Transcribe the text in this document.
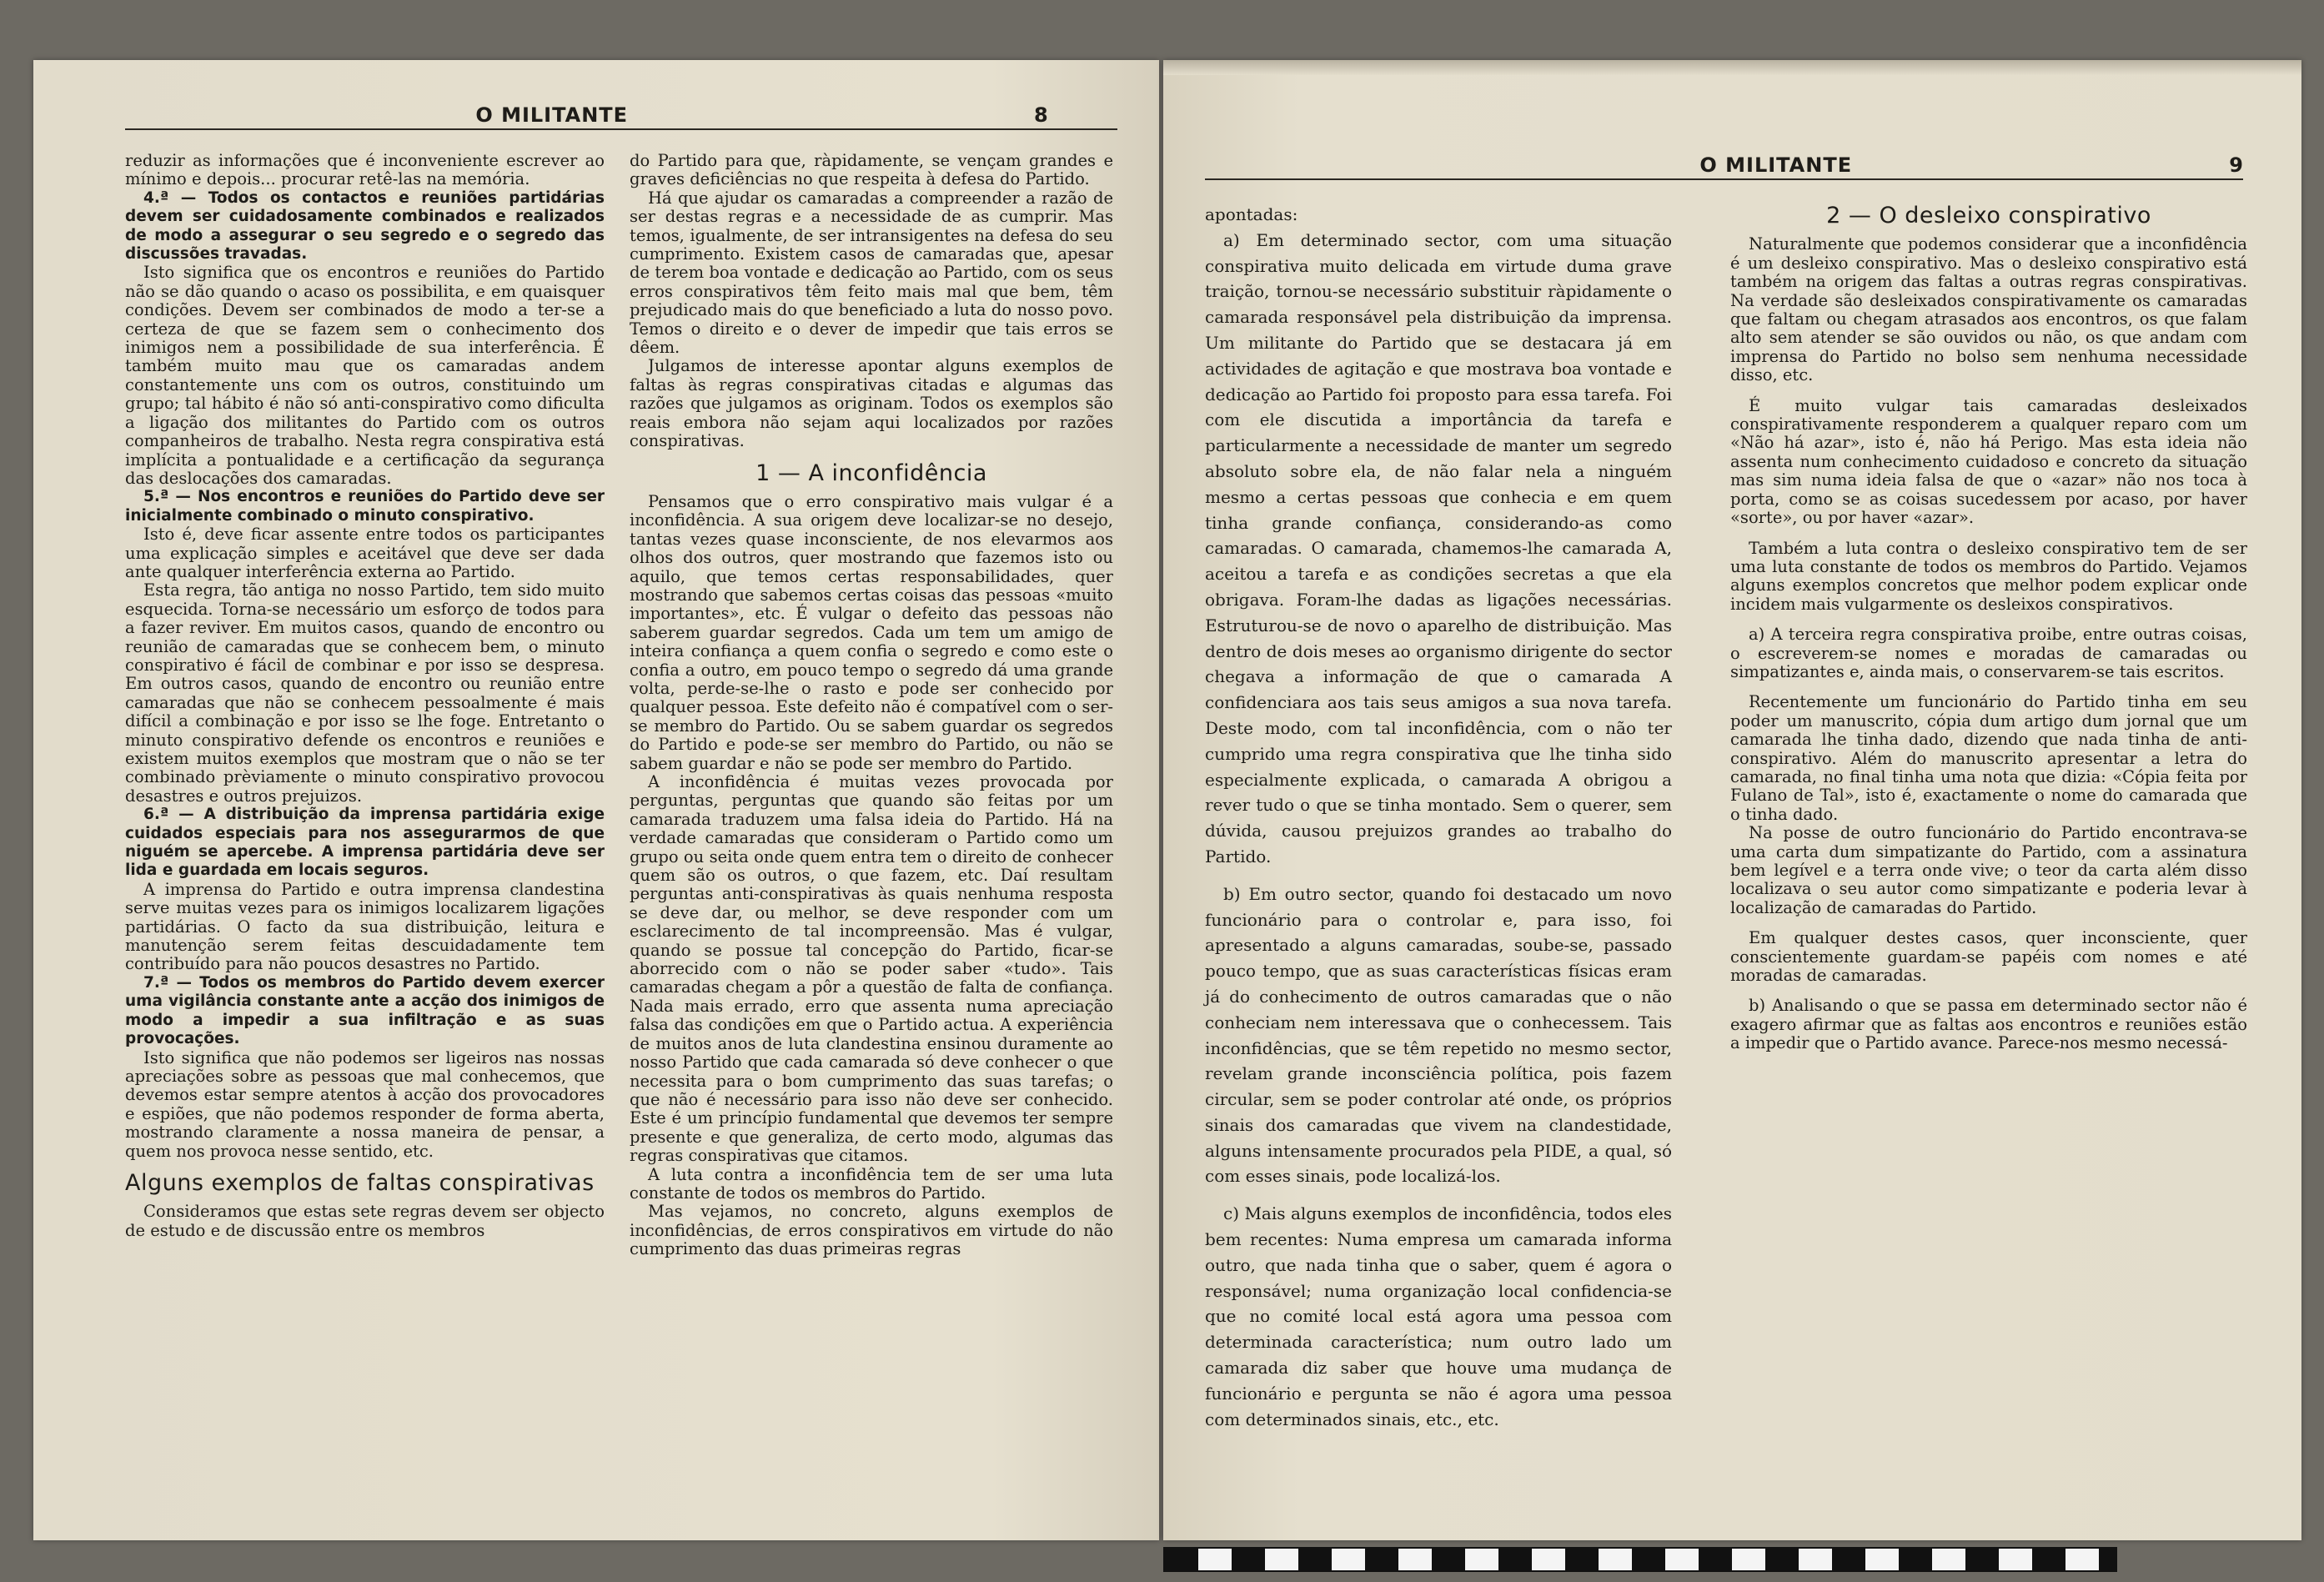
O MILITANTE	8

reduzir as informações que é inconveniente escrever ao mínimo e depois... procurar retê-las na memória.

4.ª — Todos os contactos e reuniões partidárias devem ser cuidadosamente combinados e realizados de modo a assegurar o seu segredo e o segredo das discussões travadas.

Isto significa que os encontros e reuniões do Partido não se dão quando o acaso os possibilita, e em quaisquer condições. Devem ser combinados de modo a ter-se a certeza de que se fazem sem o conhecimento dos inimigos nem a possibilidade de sua interferência. É também muito mau que os camaradas andem constantemente uns com os outros, constituindo um grupo; tal hábito é não só anti-conspirativo como dificulta a ligação dos militantes do Partido com os outros companheiros de trabalho. Nesta regra conspirativa está implícita a pontualidade e a certificação da segurança das deslocações dos camaradas.

5.ª — Nos encontros e reuniões do Partido deve ser inicialmente combinado o minuto conspirativo.

Isto é, deve ficar assente entre todos os participantes uma explicação simples e aceitável que deve ser dada ante qualquer interferência externa ao Partido.

Esta regra, tão antiga no nosso Partido, tem sido muito esquecida. Torna-se necessário um esforço de todos para a fazer reviver. Em muitos casos, quando de encontro ou reunião de camaradas que se conhecem bem, o minuto conspirativo é fácil de combinar e por isso se despresa. Em outros casos, quando de encontro ou reunião entre camaradas que não se conhecem pessoalmente é mais difícil a combinação e por isso se lhe foge. Entretanto o minuto conspirativo defende os encontros e reuniões e existem muitos exemplos que mostram que o não se ter combinado prèviamente o minuto conspirativo provocou desastres e outros prejuizos.

6.ª — A distribuição da imprensa partidária exige cuidados especiais para nos assegurarmos de que niguém se apercebe. A imprensa partidária deve ser lida e guardada em locais seguros.

A imprensa do Partido e outra imprensa clandestina serve muitas vezes para os inimigos localizarem ligações partidárias. O facto da sua distribuição, leitura e manutenção serem feitas descuidadamente tem contribuído para não poucos desastres no Partido.

7.ª — Todos os membros do Partido devem exercer uma vigilância constante ante a acção dos inimigos de modo a impedir a sua infiltração e as suas provocações.

Isto significa que não podemos ser ligeiros nas nossas apreciações sobre as pessoas que mal conhecemos, que devemos estar sempre atentos à acção dos provocadores e espiões, que não podemos responder de forma aberta, mostrando claramente a nossa maneira de pensar, a quem nos provoca nesse sentido, etc.

Alguns exemplos de faltas conspirativas

Consideramos que estas sete regras devem ser objecto de estudo e de discussão entre os membros

do Partido para que, ràpidamente, se vençam grandes e graves deficiências no que respeita à defesa do Partido.

Há que ajudar os camaradas a compreender a razão de ser destas regras e a necessidade de as cumprir. Mas temos, igualmente, de ser intransigentes na defesa do seu cumprimento. Existem casos de camaradas que, apesar de terem boa vontade e dedicação ao Partido, com os seus erros conspirativos têm feito mais mal que bem, têm prejudicado mais do que beneficiado a luta do nosso povo. Temos o direito e o dever de impedir que tais erros se dêem.

Julgamos de interesse apontar alguns exemplos de faltas às regras conspirativas citadas e algumas das razões que julgamos as originam. Todos os exemplos são reais embora não sejam aqui localizados por razões conspirativas.

1 — A inconfidência

Pensamos que o erro conspirativo mais vulgar é a inconfidência. A sua origem deve localizar-se no desejo, tantas vezes quase inconsciente, de nos elevarmos aos olhos dos outros, quer mostrando que fazemos isto ou aquilo, que temos certas responsabilidades, quer mostrando que sabemos certas coisas das pessoas «muito importantes», etc. É vulgar o defeito das pessoas não saberem guardar segredos. Cada um tem um amigo de inteira confiança a quem confia o segredo e como este o confia a outro, em pouco tempo o segredo dá uma grande volta, perde-se-lhe o rasto e pode ser conhecido por qualquer pessoa. Este defeito não é compatível com o ser-se membro do Partido. Ou se sabem guardar os segredos do Partido e pode-se ser membro do Partido, ou não se sabem guardar e não se pode ser membro do Partido.

A inconfidência é muitas vezes provocada por perguntas, perguntas que quando são feitas por um camarada traduzem uma falsa ideia do Partido. Há na verdade camaradas que consideram o Partido como um grupo ou seita onde quem entra tem o direito de conhecer quem são os outros, o que fazem, etc. Daí resultam perguntas anti-conspirativas às quais nenhuma resposta se deve dar, ou melhor, se deve responder com um esclarecimento de tal incompreensão. Mas é vulgar, quando se possue tal concepção do Partido, ficar-se aborrecido com o não se poder saber «tudo». Tais camaradas chegam a pôr a questão de falta de confiança. Nada mais errado, erro que assenta numa apreciação falsa das condições em que o Partido actua. A experiência de muitos anos de luta clandestina ensinou duramente ao nosso Partido que cada camarada só deve conhecer o que necessita para o bom cumprimento das suas tarefas; o que não é necessário para isso não deve ser conhecido. Este é um princípio fundamental que devemos ter sempre presente e que generaliza, de certo modo, algumas das regras conspirativas que citamos.

A luta contra a inconfidência tem de ser uma luta constante de todos os membros do Partido.

Mas vejamos, no concreto, alguns exemplos de inconfidências, de erros conspirativos em virtude do não cumprimento das duas primeiras regras

O MILITANTE	9

apontadas:

a) Em determinado sector, com uma situação conspirativa muito delicada em virtude duma grave traição, tornou-se necessário substituir ràpidamente o camarada responsável pela distribuição da imprensa. Um militante do Partido que se destacara já em actividades de agitação e que mostrava boa vontade e dedicação ao Partido foi proposto para essa tarefa. Foi com ele discutida a importância da tarefa e particularmente a necessidade de manter um segredo absoluto sobre ela, de não falar nela a ninguém mesmo a certas pessoas que conhecia e em quem tinha grande confiança, considerando-as como camaradas. O camarada, chamemos-lhe camarada A, aceitou a tarefa e as condições secretas a que ela obrigava. Foram-lhe dadas as ligações necessárias. Estruturou-se de novo o aparelho de distribuição. Mas dentro de dois meses ao organismo dirigente do sector chegava a informação de que o camarada A confidenciara aos tais seus amigos a sua nova tarefa. Deste modo, com tal inconfidência, com o não ter cumprido uma regra conspirativa que lhe tinha sido especialmente explicada, o camarada A obrigou a rever tudo o que se tinha montado. Sem o querer, sem dúvida, causou prejuizos grandes ao trabalho do Partido.

b) Em outro sector, quando foi destacado um novo funcionário para o controlar e, para isso, foi apresentado a alguns camaradas, soube-se, passado pouco tempo, que as suas características físicas eram já do conhecimento de outros camaradas que o não conheciam nem interessava que o conhecessem. Tais inconfidências, que se têm repetido no mesmo sector, revelam grande inconsciência política, pois fazem circular, sem se poder controlar até onde, os próprios sinais dos camaradas que vivem na clandestidade, alguns intensamente procurados pela PIDE, a qual, só com esses sinais, pode localizá-los.

c) Mais alguns exemplos de inconfidência, todos eles bem recentes: Numa empresa um camarada informa outro, que nada tinha que o saber, quem é agora o responsável; numa organização local confidencia-se que no comité local está agora uma pessoa com determinada característica; num outro lado um camarada diz saber que houve uma mudança de funcionário e pergunta se não é agora uma pessoa com determinados sinais, etc., etc.

2 — O desleixo conspirativo

Naturalmente que podemos considerar que a inconfidência é um desleixo conspirativo. Mas o desleixo conspirativo está também na origem das faltas a outras regras conspirativas. Na verdade são desleixados conspirativamente os camaradas que faltam ou chegam atrasados aos encontros, os que falam alto sem atender se são ouvidos ou não, os que andam com imprensa do Partido no bolso sem nenhuma necessidade disso, etc.

É muito vulgar tais camaradas desleixados conspirativamente responderem a qualquer reparo com um «Não há azar», isto é, não há Perigo. Mas esta ideia não assenta num conhecimento cuidadoso e concreto da situação mas sim numa ideia falsa de que o «azar» não nos toca à porta, como se as coisas sucedessem por acaso, por haver «sorte», ou por haver «azar».

Também a luta contra o desleixo conspirativo tem de ser uma luta constante de todos os membros do Partido. Vejamos alguns exemplos concretos que melhor podem explicar onde incidem mais vulgarmente os desleixos conspirativos.

a) A terceira regra conspirativa proibe, entre outras coisas, o escreverem-se nomes e moradas de camaradas ou simpatizantes e, ainda mais, o conservarem-se tais escritos.

Recentemente um funcionário do Partido tinha em seu poder um manuscrito, cópia dum artigo dum jornal que um camarada lhe tinha dado, dizendo que nada tinha de anti-conspirativo. Além do manuscrito apresentar a letra do camarada, no final tinha uma nota que dizia: «Cópia feita por Fulano de Tal», isto é, exactamente o nome do camarada que o tinha dado.

Na posse de outro funcionário do Partido encontrava-se uma carta dum simpatizante do Partido, com a assinatura bem legível e a terra onde vive; o teor da carta além disso localizava o seu autor como simpatizante e poderia levar à localização de camaradas do Partido.

Em qualquer destes casos, quer inconsciente, quer conscientemente guardam-se papéis com nomes e até moradas de camaradas.

b) Analisando o que se passa em determinado sector não é exagero afirmar que as faltas aos encontros e reuniões estão a impedir que o Partido avance. Parece-nos mesmo necessá-
